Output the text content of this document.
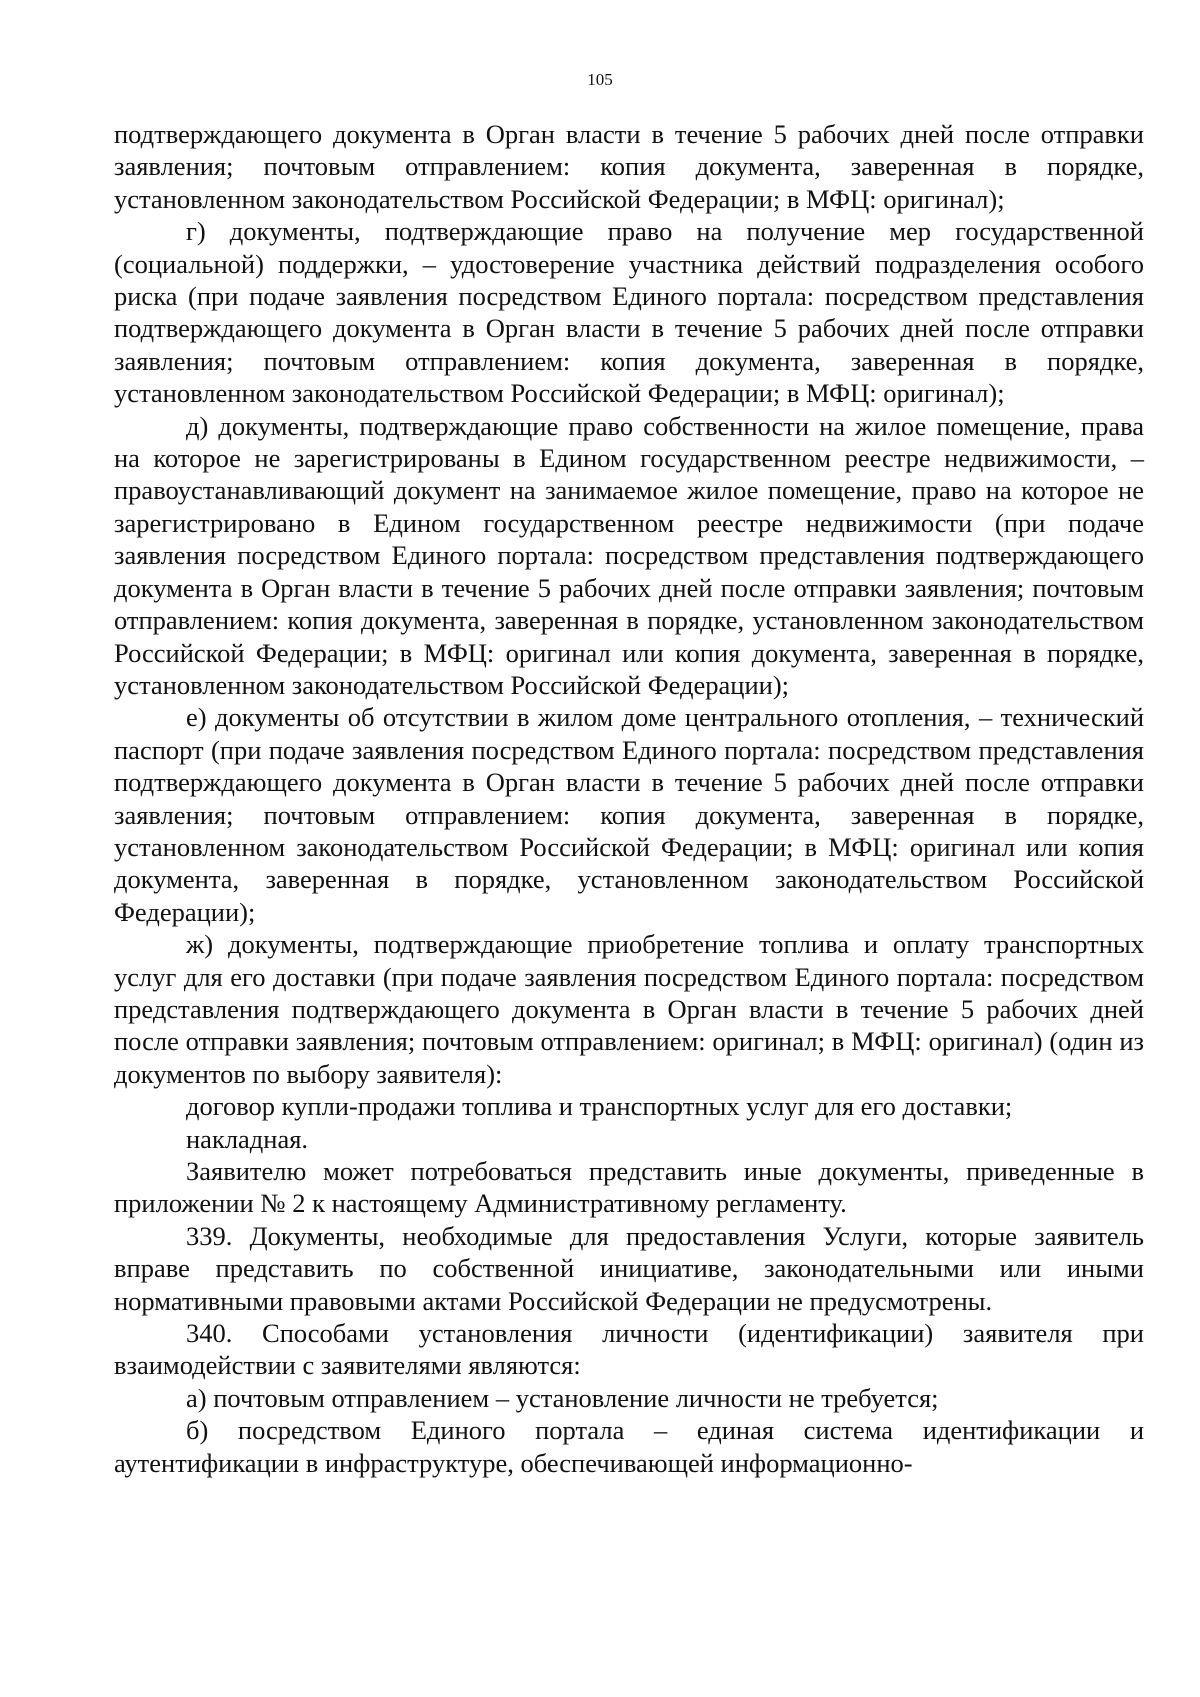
105

подтверждающего документа в Орган власти в течение 5 рабочих дней после отправки заявления; почтовым отправлением: копия документа, заверенная в порядке, установленном законодательством Российской Федерации; в МФЦ: оригинал);

г) документы, подтверждающие право на получение мер государственной (социальной) поддержки, – удостоверение участника действий подразделения особого риска (при подаче заявления посредством Единого портала: посредством представления подтверждающего документа в Орган власти в течение 5 рабочих дней после отправки заявления; почтовым отправлением: копия документа, заверенная в порядке, установленном законодательством Российской Федерации; в МФЦ: оригинал);

д) документы, подтверждающие право собственности на жилое помещение, права на которое не зарегистрированы в Едином государственном реестре недвижимости, – правоустанавливающий документ на занимаемое жилое помещение, право на которое не зарегистрировано в Едином государственном реестре недвижимости (при подаче заявления посредством Единого портала: посредством представления подтверждающего документа в Орган власти в течение 5 рабочих дней после отправки заявления; почтовым отправлением: копия документа, заверенная в порядке, установленном законодательством Российской Федерации; в МФЦ: оригинал или копия документа, заверенная в порядке, установленном законодательством Российской Федерации);

е) документы об отсутствии в жилом доме центрального отопления, – технический паспорт (при подаче заявления посредством Единого портала: посредством представления подтверждающего документа в Орган власти в течение 5 рабочих дней после отправки заявления; почтовым отправлением: копия документа, заверенная в порядке, установленном законодательством Российской Федерации; в МФЦ: оригинал или копия документа, заверенная в порядке, установленном законодательством Российской Федерации);

ж) документы, подтверждающие приобретение топлива и оплату транспортных услуг для его доставки (при подаче заявления посредством Единого портала: посредством представления подтверждающего документа в Орган власти в течение 5 рабочих дней после отправки заявления; почтовым отправлением: оригинал; в МФЦ: оригинал) (один из документов по выбору заявителя):

договор купли-продажи топлива и транспортных услуг для его доставки;

накладная.

Заявителю может потребоваться представить иные документы, приведенные в приложении № 2 к настоящему Административному регламенту.

339. Документы, необходимые для предоставления Услуги, которые заявитель вправе представить по собственной инициативе, законодательными или иными нормативными правовыми актами Российской Федерации не предусмотрены.

340. Способами установления личности (идентификации) заявителя при взаимодействии с заявителями являются:

а) почтовым отправлением – установление личности не требуется;

б) посредством Единого портала – единая система идентификации и аутентификации в инфраструктуре, обеспечивающей информационно-
